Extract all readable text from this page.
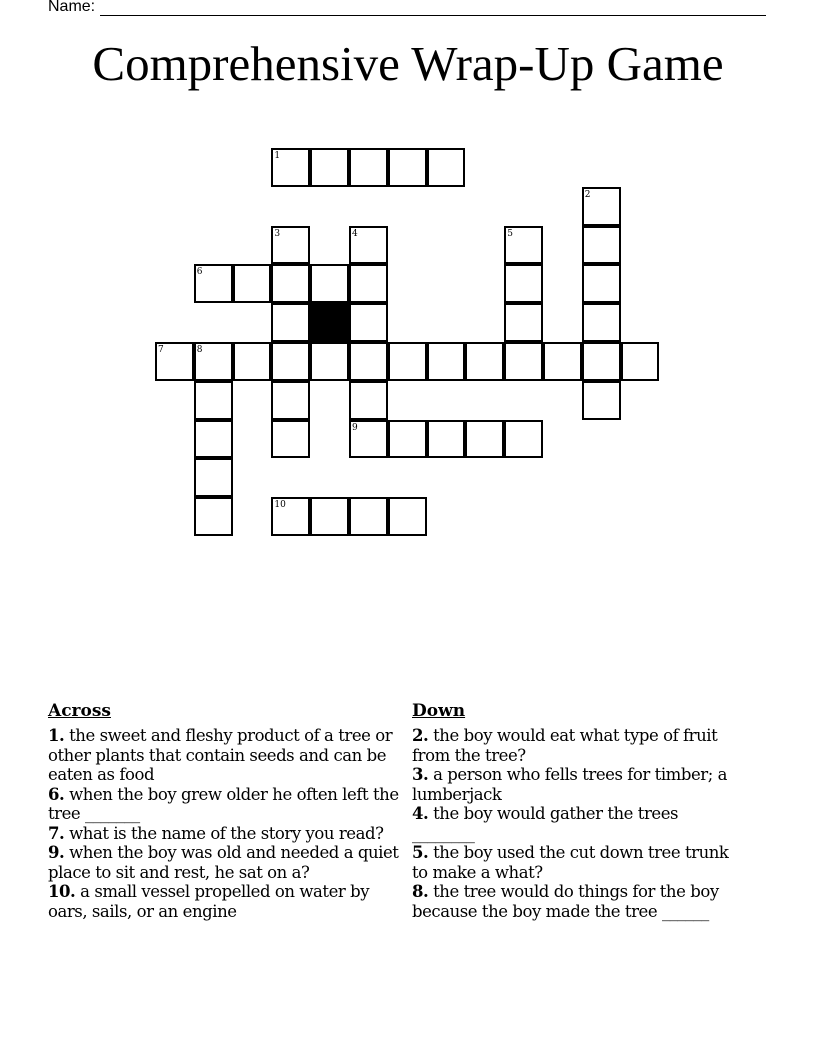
Name:
Comprehensive Wrap-Up Game
1
2
3	4	5
6
7	8
9
10
Across

1. the sweet and fleshy product of a tree or other plants that contain seeds and can be eaten as food

6. when the boy grew older he often left the tree _______

7. what is the name of the story you read?

9. when the boy was old and needed a quiet place to sit and rest, he sat on a?

10. a small vessel propelled on water by oars, sails, or an engine

Down

2. the boy would eat what type of fruit from the tree?

3. a person who fells trees for timber; a lumberjack

4. the boy would gather the trees ________

5. the boy used the cut down tree trunk to make a what?

8. the tree would do things for the boy because the boy made the tree ______
